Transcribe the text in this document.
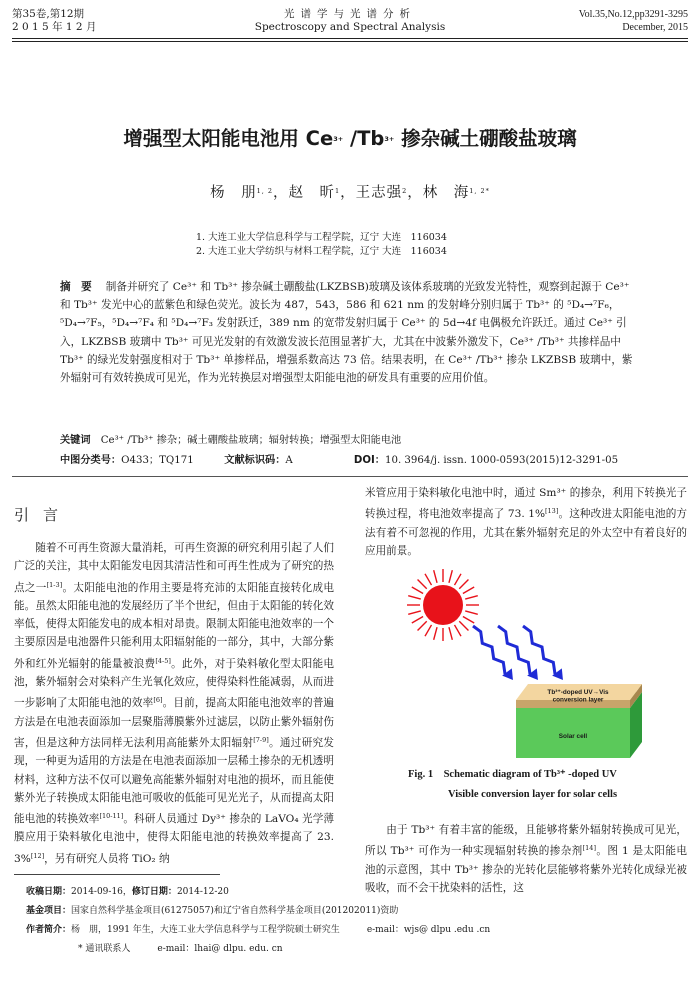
第35卷,第12期
2 0 1 5 年 1 2 月
光谱学与光谱分析
Spectroscopy and Spectral Analysis
Vol.35,No.12,pp3291-3295
December, 2015
增强型太阳能电池用 $Ce^{3+}$ $/Tb^{3+}$ 掺杂碱土硼酸盐玻璃
杨　朋$^{1, 2}$，赵　昕$^1$，王志强$^2$，林　海$^{1, 2*}$
1. 大连工业大学信息科学与工程学院，辽宁 大连　116034
2. 大连工业大学纺织与材料工程学院，辽宁 大连　116034
摘　要 制备并研究了 Ce³⁺ 和 Tb³⁺ 掺杂碱土硼酸盐(LKZBSB)玻璃及该体系玻璃的光致发光特性，观察到起源于 Ce³⁺ 和 Tb³⁺ 发光中心的蓝紫色和绿色荧光。波长为 487，543，586 和 621 nm 的发射峰分别归属于 Tb³⁺ 的 ⁵D₄→⁷F₆，⁵D₄→⁷F₅，⁵D₄→⁷F₄ 和 ⁵D₄→⁷F₃ 发射跃迁，389 nm 的宽带发射归属于 Ce³⁺ 的 5d→4f 电偶极允许跃迁。通过 Ce³⁺ 引入，LKZBSB 玻璃中 Tb³⁺ 可见光发射的有效激发波长范围显著扩大，尤其在中波紫外激发下，Ce³⁺ /Tb³⁺ 共掺样品中 Tb³⁺ 的绿光发射强度相对于 Tb³⁺ 单掺样品，增强系数高达 73 倍。结果表明，在 Ce³⁺ /Tb³⁺ 掺杂 LKZBSB 玻璃中，紫外辐射可有效转换成可见光，作为光转换层对增强型太阳能电池的研发具有重要的应用价值。
关键词　 Ce³⁺ /Tb³⁺ 掺杂；碱土硼酸盐玻璃；辐射转换；增强型太阳能电池
中图分类号：O433；TQ171　　　	文献标识码：A　　　　　　	DOI：10. 3964/j. issn. 1000-0593(2015)12-3291-05
引言
随着不可再生资源大量消耗，可再生资源的研究利用引起了人们广泛的关注，其中太阳能发电因其清洁性和可再生性成为了研究的热点之一[1-3]。太阳能电池的作用主要是将充沛的太阳能直接转化成电能。虽然太阳能电池的发展经历了半个世纪，但由于太阳能的转化效率低，使得太阳能发电的成本相对昂贵。限制太阳能电池效率的一个主要原因是电池器件只能利用太阳辐射能的一部分，其中，大部分紫外和红外光辐射的能量被浪费[4-5]。此外，对于染料敏化型太阳能电池，紫外辐射会对染料产生光氧化效应，使得染料性能减弱，从而进一步影响了太阳能电池的效率[6]。目前，提高太阳能电池效率的普遍方法是在电池表面添加一层聚脂薄膜紫外过滤层，以防止紫外辐射伤害，但是这种方法同样无法利用高能紫外太阳辐射[7-9]。通过研究发现，一种更为适用的方法是在电池表面添加一层稀土掺杂的无机透明材料，这种方法不仅可以避免高能紫外辐射对电池的损坏，而且能使紫外光子转换成太阳能电池可吸收的低能可见光光子，从而提高太阳能电池的转换效率[10-11]。科研人员通过 Dy³⁺ 掺杂的 LaVO₄ 光学薄膜应用于染料敏化电池中，使得太阳能电池的转换效率提高了 23. 3%[12]，另有研究人员将 TiO₂ 纳
米管应用于染料敏化电池中时，通过 Sm³⁺ 的掺杂，利用下转换光子转换过程，将电池效率提高了 73. 1%[13]。这种改进太阳能电池的方法有着不可忽视的作用，尤其在紫外辐射充足的外太空中有着良好的应用前景。
Tb³⁺-doped UV→Vis
conversion layer
Solar cell
Fig. 1　 Schematic diagram of Tb³⁺ -doped UV
Visible conversion layer for solar cells
由于 Tb³⁺ 有着丰富的能级，且能够将紫外辐射转换成可见光，所以 Tb³⁺ 可作为一种实现辐射转换的掺杂剂[14]。图 1 是太阳能电池的示意图，其中 Tb³⁺ 掺杂的光转化层能够将紫外光转化成绿光被吸收，而不会干扰染料的活性，这
收稿日期：2014-09-16，修订日期：2014-12-20
基金项目：国家自然科学基金项目(61275057)和辽宁省自然科学基金项目(201202011)资助
作者简介：杨　朋，1991 年生，大连工业大学信息科学与工程学院硕士研究生　　　	e-mail：wjs@ dlpu .edu .cn
* 通讯联系人　　　	e-mail：lhai@ dlpu. edu. cn
